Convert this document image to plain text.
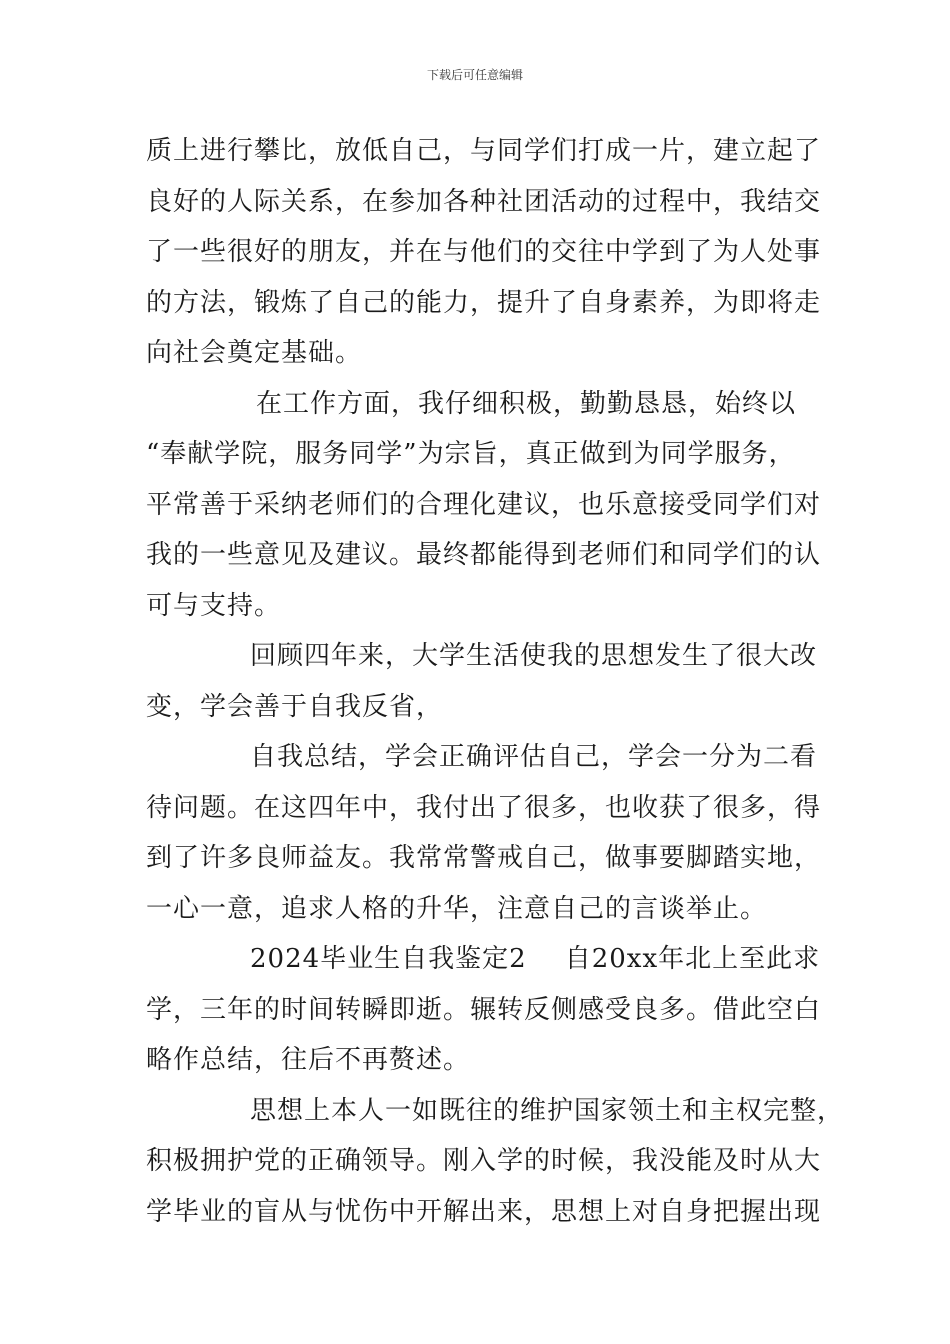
下载后可任意编辑
质上进行攀比，放低自己，与同学们打成一片，建立起了
良好的人际关系，在参加各种社团活动的过程中，我结交
了一些很好的朋友，并在与他们的交往中学到了为人处事
的方法，锻炼了自己的能力，提升了自身素养，为即将走
向社会奠定基础。
在工作方面，我仔细积极，勤勤恳恳，始终以
“奉献学院，服务同学”为宗旨，真正做到为同学服务，
平常善于采纳老师们的合理化建议，也乐意接受同学们对
我的一些意见及建议。最终都能得到老师们和同学们的认
可与支持。
回顾四年来，大学生活使我的思想发生了很大改
变，学会善于自我反省，
自我总结，学会正确评估自己，学会一分为二看
待问题。在这四年中，我付出了很多，也收获了很多，得
到了许多良师益友。我常常警戒自己，做事要脚踏实地，
一心一意，追求人格的升华，注意自己的言谈举止。
2024毕业生自我鉴定2 自20xx年北上至此求
学，三年的时间转瞬即逝。辗转反侧感受良多。借此空白
略作总结，往后不再赘述。
思想上本人一如既往的维护国家领土和主权完整，
积极拥护党的正确领导。刚入学的时候，我没能及时从大
学毕业的盲从与忧伤中开解出来，思想上对自身把握出现
